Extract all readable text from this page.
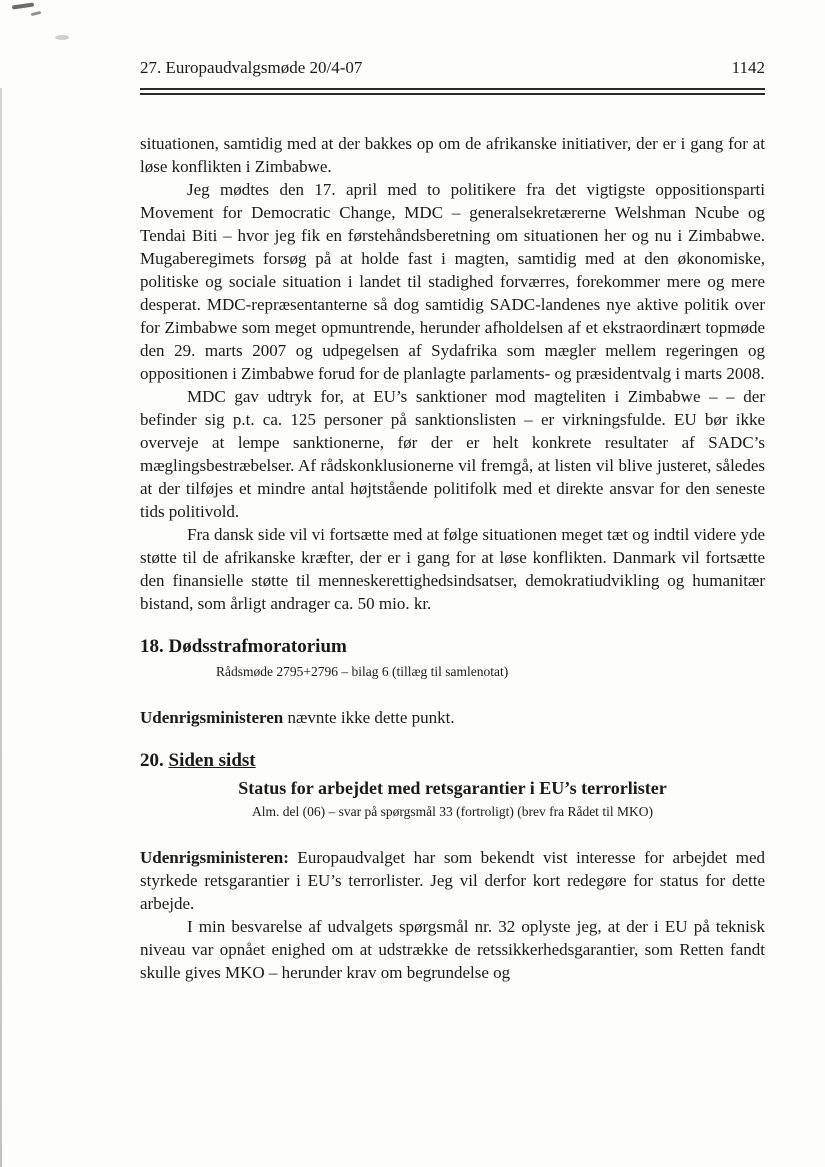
27. Europaudvalgsmøde 20/4-07	1142

situationen, samtidig med at der bakkes op om de afrikanske initiativer, der er i gang for at løse konflikten i Zimbabwe.

Jeg mødtes den 17. april med to politikere fra det vigtigste oppositionsparti Movement for Democratic Change, MDC – generalsekretærerne Welshman Ncube og Tendai Biti – hvor jeg fik en førstehåndsberetning om situationen her og nu i Zimbabwe. Mugaberegimets forsøg på at holde fast i magten, samtidig med at den økonomiske, politiske og sociale situation i landet til stadighed forværres, forekommer mere og mere desperat. MDC-repræsentanterne så dog samtidig SADC-landenes nye aktive politik over for Zimbabwe som meget opmuntrende, herunder afholdelsen af et ekstraordinært topmøde den 29. marts 2007 og udpegelsen af Sydafrika som mægler mellem regeringen og oppositionen i Zimbabwe forud for de planlagte parlaments- og præsidentvalg i marts 2008.

MDC gav udtryk for, at EU’s sanktioner mod magteliten i Zimbabwe – – der befinder sig p.t. ca. 125 personer på sanktionslisten – er virkningsfulde. EU bør ikke overveje at lempe sanktionerne, før der er helt konkrete resultater af SADC’s mæglingsbestræbelser. Af rådskonklusionerne vil fremgå, at listen vil blive justeret, således at der tilføjes et mindre antal højtstående politifolk med et direkte ansvar for den seneste tids politivold.

Fra dansk side vil vi fortsætte med at følge situationen meget tæt og indtil videre yde støtte til de afrikanske kræfter, der er i gang for at løse konflikten. Danmark vil fortsætte den finansielle støtte til menneskerettighedsindsatser, demokratiudvikling og humanitær bistand, som årligt andrager ca. 50 mio. kr.

18. Dødsstrafmoratorium
Rådsmøde 2795+2796 – bilag 6 (tillæg til samlenotat)

Udenrigsministeren nævnte ikke dette punkt.

20. Siden sidst
Status for arbejdet med retsgarantier i EU’s terrorlister
Alm. del (06) – svar på spørgsmål 33 (fortroligt) (brev fra Rådet til MKO)

Udenrigsministeren: Europaudvalget har som bekendt vist interesse for arbejdet med styrkede retsgarantier i EU’s terrorlister. Jeg vil derfor kort redegøre for status for dette arbejde.

I min besvarelse af udvalgets spørgsmål nr. 32 oplyste jeg, at der i EU på teknisk niveau var opnået enighed om at udstrække de retssikkerhedsgarantier, som Retten fandt skulle gives MKO – herunder krav om begrundelse og
